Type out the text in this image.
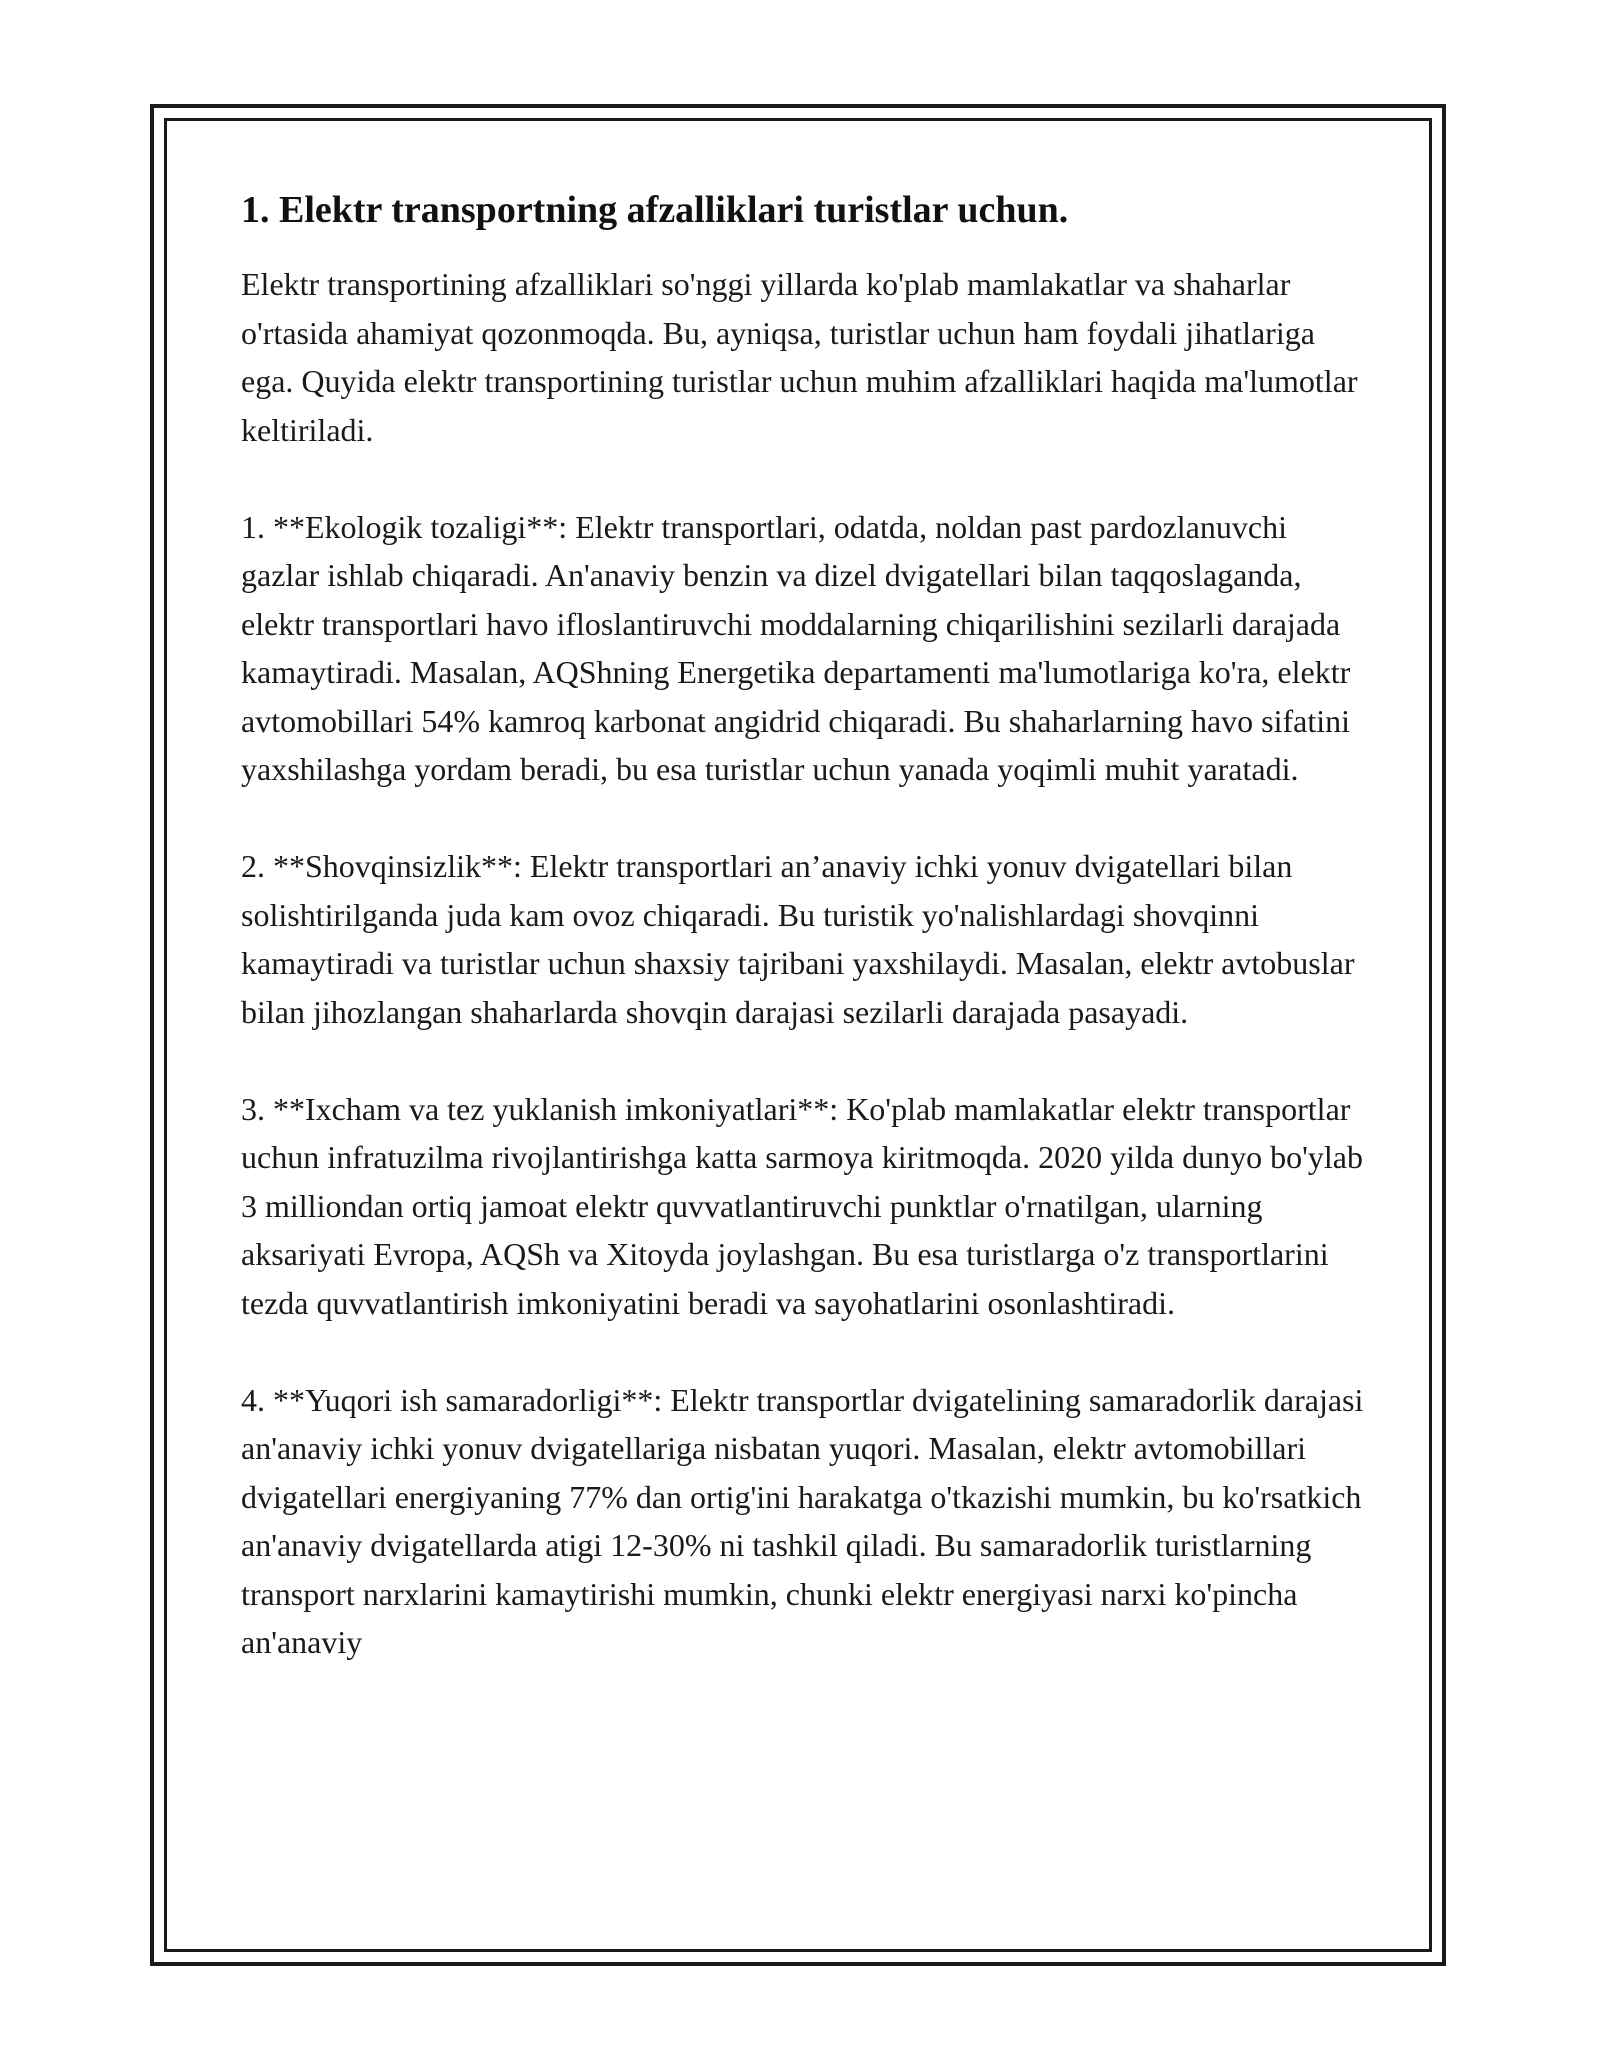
1. Elektr transportning afzalliklari turistlar uchun.

Elektr transportining afzalliklari so'nggi yillarda ko'plab mamlakatlar va shaharlar o'rtasida ahamiyat qozonmoqda. Bu, ayniqsa, turistlar uchun ham foydali jihatlariga ega. Quyida elektr transportining turistlar uchun muhim afzalliklari haqida ma'lumotlar keltiriladi.

1. **Ekologik tozaligi**: Elektr transportlari, odatda, noldan past pardozlanuvchi gazlar ishlab chiqaradi. An'anaviy benzin va dizel dvigatellari bilan taqqoslaganda, elektr transportlari havo ifloslantiruvchi moddalarning chiqarilishini sezilarli darajada kamaytiradi. Masalan, AQShning Energetika departamenti ma'lumotlariga ko'ra, elektr avtomobillari 54% kamroq karbonat angidrid chiqaradi. Bu shaharlarning havo sifatini yaxshilashga yordam beradi, bu esa turistlar uchun yanada yoqimli muhit yaratadi.

2. **Shovqinsizlik**: Elektr transportlari an’anaviy ichki yonuv dvigatellari bilan solishtirilganda juda kam ovoz chiqaradi. Bu turistik yo'nalishlardagi shovqinni kamaytiradi va turistlar uchun shaxsiy tajribani yaxshilaydi. Masalan, elektr avtobuslar bilan jihozlangan shaharlarda shovqin darajasi sezilarli darajada pasayadi.

3. **Ixcham va tez yuklanish imkoniyatlari**: Ko'plab mamlakatlar elektr transportlar uchun infratuzilma rivojlantirishga katta sarmoya kiritmoqda. 2020 yilda dunyo bo'ylab 3 milliondan ortiq jamoat elektr quvvatlantiruvchi punktlar o'rnatilgan, ularning aksariyati Evropa, AQSh va Xitoyda joylashgan. Bu esa turistlarga o'z transportlarini tezda quvvatlantirish imkoniyatini beradi va sayohatlarini osonlashtiradi.

4. **Yuqori ish samaradorligi**: Elektr transportlar dvigatelining samaradorlik darajasi an'anaviy ichki yonuv dvigatellariga nisbatan yuqori. Masalan, elektr avtomobillari dvigatellari energiyaning 77% dan ortig'ini harakatga o'tkazishi mumkin, bu ko'rsatkich an'anaviy dvigatellarda atigi 12-30% ni tashkil qiladi. Bu samaradorlik turistlarning transport narxlarini kamaytirishi mumkin, chunki elektr energiyasi narxi ko'pincha an'anaviy
